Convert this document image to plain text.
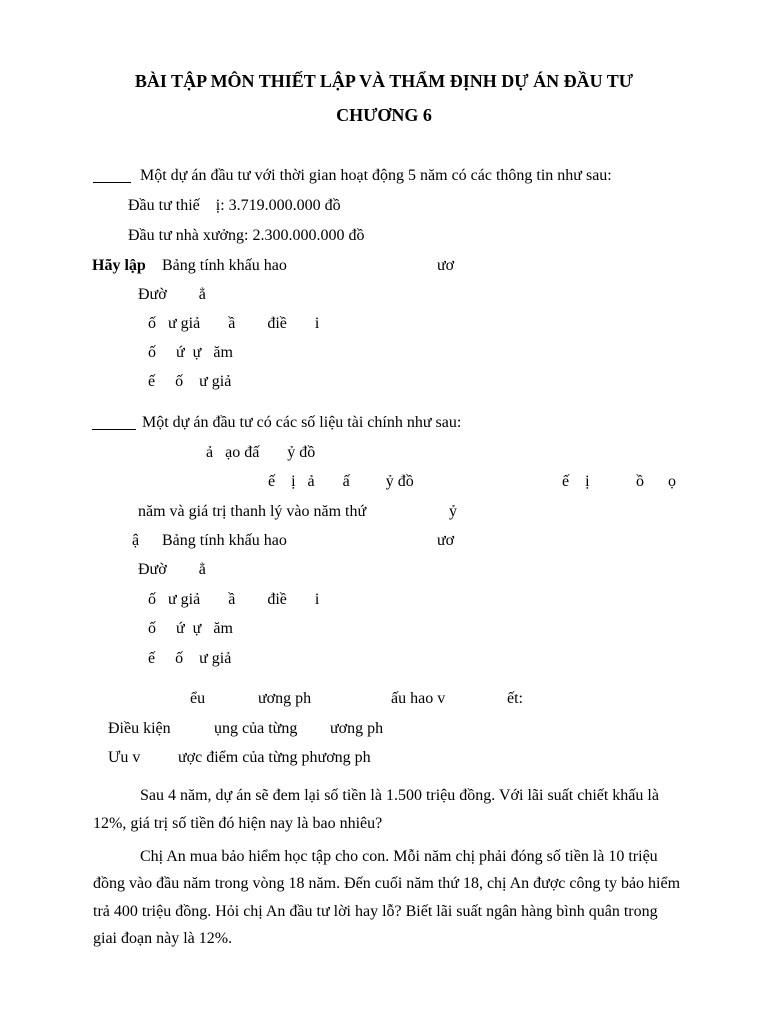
BÀI TẬP MÔN THIẾT LẬP VÀ THẨM ĐỊNH DỰ ÁN ĐẦU TƯ
CHƯƠNG 6
Một dự án đầu tư với thời gian hoạt động 5 năm có các thông tin như sau:
Đầu tư thiế    ị: 3.719.000.000 đồ
Đầu tư nhà xưởng: 2.300.000.000 đồ
Hãy lập Bảng tính khấu hao	ươ
Đườ        ẳ
ố   ư giả       ầ        điề       i
ố     ứ  ự   ăm
ế     ố    ư giả
Một dự án đầu tư có các số liệu tài chính như sau:
ả   ạo đấ       ỷ đồ
ế    ị   ả       ấ         ỷ đồ	ế    ị	ồ      ọ
năm và giá trị thanh lý vào năm thứ	ỷ
ậ Bảng tính khấu hao	ươ
Đườ        ẳ
ố   ư giả       ầ        điề       i
ố     ứ  ự   ăm
ế     ố    ư giả
ểu	ương ph	ấu hao v	ết:
Điều kiện	ụng của từng ương ph
Ưu v ược điểm của từng phương ph
Sau 4 năm, dự án sẽ đem lại số tiền là 1.500 triệu đồng. Với lãi suất chiết khấu là
12%, giá trị số tiền đó hiện nay là bao nhiêu?
Chị An mua bảo hiểm học tập cho con. Mỗi năm chị phải đóng số tiền là 10 triệu
đồng vào đầu năm trong vòng 18 năm. Đến cuối năm thứ 18, chị An được công ty bảo hiểm
trả 400 triệu đồng. Hỏi chị An đầu tư lời hay lỗ? Biết lãi suất ngân hàng bình quân trong
giai đoạn này là 12%.
